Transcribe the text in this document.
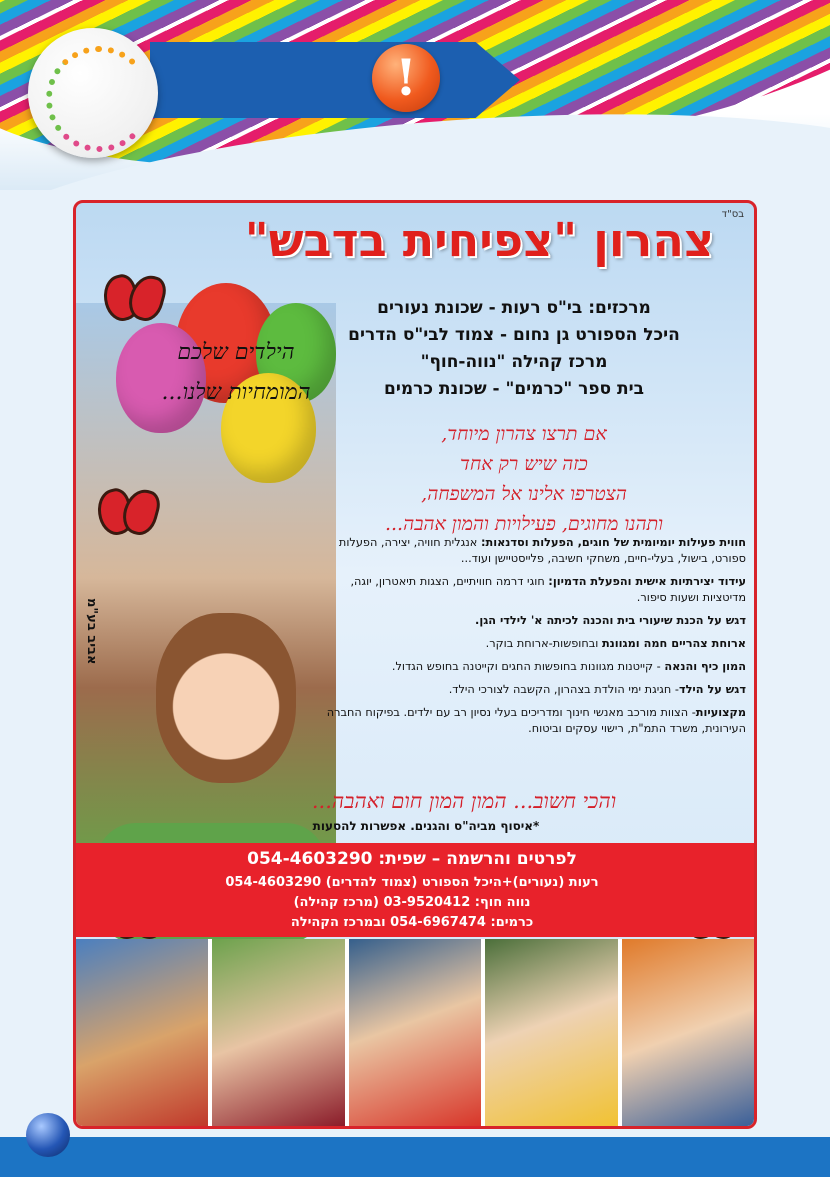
!
בס"ד
צהרון "צפיחית בדבש"
מרכזים: בי"ס רעות - שכונת נעורים
היכל הספורט גן נחום - צמוד לבי"ס הדרים
מרכז קהילה "נווה-חוף"
בית ספר "כרמים" - שכונת כרמים
הילדים שלכם
המומחיות שלנו...
אם תרצו צהרון מיוחד,
כזה שיש רק אחד
הצטרפו אלינו אל המשפחה,
ותהנו מחוגים, פעילויות והמון אהבה...
חווית פעילות יומיומית של חוגים, הפעלות וסדנאות: אנגלית חוויה, יצירה, הפעלות ספורט, בישול, בעלי-חיים, משחקי חשיבה, פלייסטיישן ועוד...
עידוד יצירתיות אישית והפעלת הדמיון: חוגי דרמה חוויתיים, הצגות תיאטרון, יוגה, מדיטציות ושעות סיפור.
דגש על הכנת שיעורי בית והכנה לכיתה א' לילדי הגן.
ארוחת צהריים חמה ומגוונת ובחופשות-ארוחת בוקר.
המון כיף והנאה - קייטנות מגוונות בחופשות החגים וקייטנה בחופש הגדול.
דגש על הילד- חגיגת ימי הולדת בצהרון, הקשבה לצורכי הילד.
מקצועיות- הצוות מורכב מאנשי חינוך ומדריכים בעלי נסיון רב עם ילדים. בפיקוח החברה העירונית, משרד התמ"ת, רישוי עסקים וביטוח.
אביב בע"מ
והכי חשוב... המון המון חום ואהבה...
*איסוף מביה"ס והגנים. אפשרות להסעות
לפרטים והרשמה – שפית: 054-4603290
רעות (נעורים)+היכל הספורט (צמוד להדרים) 054-4603290
נווה חוף: 03-9520412 (מרכז קהילה)
כרמים: 054-6967474 ובמרכז הקהילה
